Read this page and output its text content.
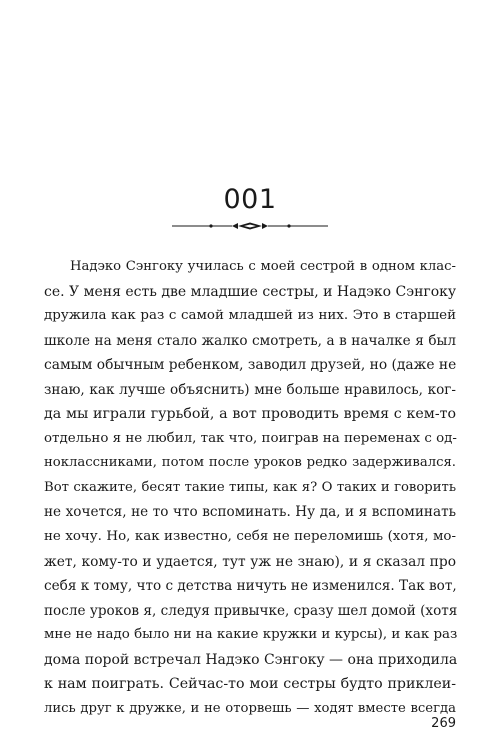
001
Надэко Сэнгоку училась с моей сестрой в одном клас-
се. У меня есть две младшие сестры, и Надэко Сэнгоку
дружила как раз с самой младшей из них. Это в старшей
школе на меня стало жалко смотреть, а в началке я был
самым обычным ребенком, заводил друзей, но (даже не
знаю, как лучше объяснить) мне больше нравилось, ког-
да мы играли гурьбой, а вот проводить время с кем-то
отдельно я не любил, так что, поиграв на переменах с од-
ноклассниками, потом после уроков редко задерживался.
Вот скажите, бесят такие типы, как я? О таких и говорить
не хочется, не то что вспоминать. Ну да, и я вспоминать
не хочу. Но, как известно, себя не переломишь (хотя, мо-
жет, кому-то и удается, тут уж не знаю), и я сказал про
себя к тому, что с детства ничуть не изменился. Так вот,
после уроков я, следуя привычке, сразу шел домой (хотя
мне не надо было ни на какие кружки и курсы), и как раз
дома порой встречал Надэко Сэнгоку — она приходила
к нам поиграть. Сейчас-то мои сестры будто приклеи-
лись друг к дружке, и не оторвешь — ходят вместе всегда
269
